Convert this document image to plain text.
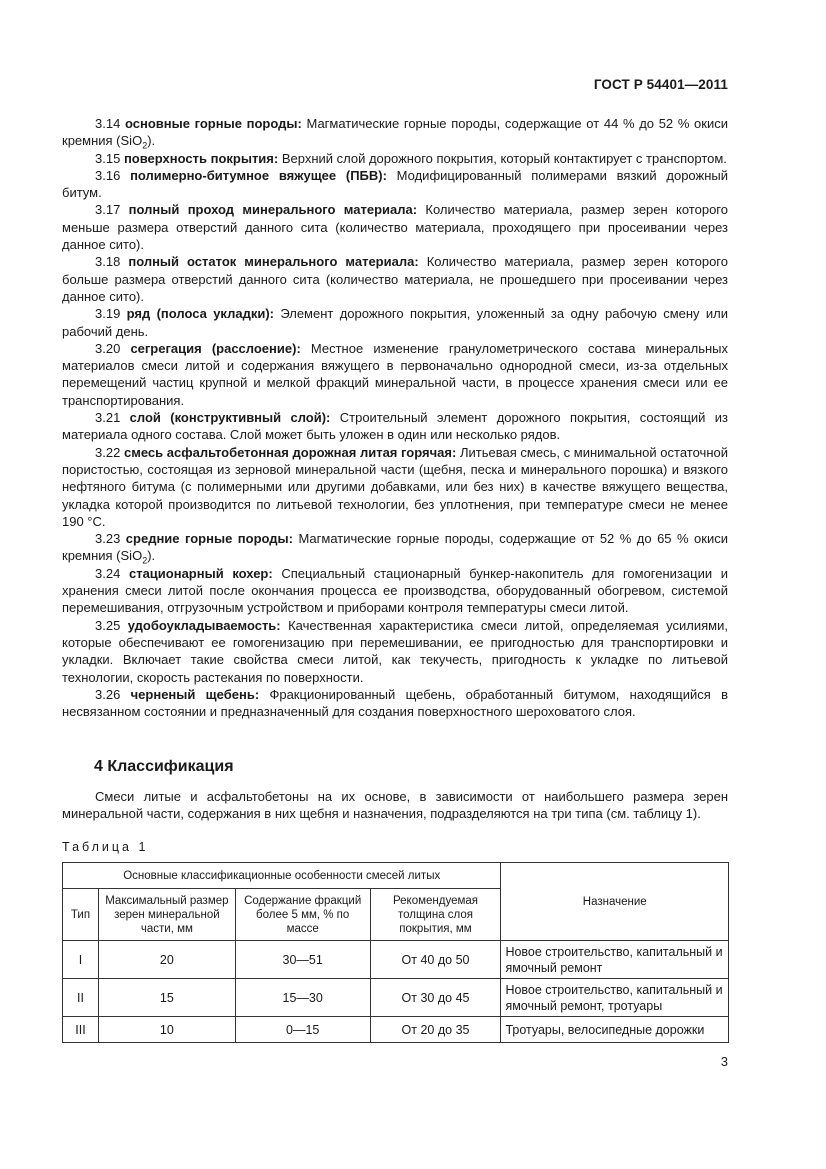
ГОСТ Р 54401—2011

3.14 основные горные породы: Магматические горные породы, содержащие от 44 % до 52 % окиси кремния (SiO$_2$).

3.15 поверхность покрытия: Верхний слой дорожного покрытия, который контактирует с транспортом.

3.16 полимерно-битумное вяжущее (ПБВ): Модифицированный полимерами вязкий дорожный битум.

3.17 полный проход минерального материала: Количество материала, размер зерен которого меньше размера отверстий данного сита (количество материала, проходящего при просеивании через данное сито).

3.18 полный остаток минерального материала: Количество материала, размер зерен которого больше размера отверстий данного сита (количество материала, не прошедшего при просеивании через данное сито).

3.19 ряд (полоса укладки): Элемент дорожного покрытия, уложенный за одну рабочую смену или рабочий день.

3.20 сегрегация (расслоение): Местное изменение гранулометрического состава минеральных материалов смеси литой и содержания вяжущего в первоначально однородной смеси, из-за отдельных перемещений частиц крупной и мелкой фракций минеральной части, в процессе хранения смеси или ее транспортирования.

3.21 слой (конструктивный слой): Строительный элемент дорожного покрытия, состоящий из материала одного состава. Слой может быть уложен в один или несколько рядов.

3.22 смесь асфальтобетонная дорожная литая горячая: Литьевая смесь, с минимальной остаточной пористостью, состоящая из зерновой минеральной части (щебня, песка и минерального порошка) и вязкого нефтяного битума (с полимерными или другими добавками, или без них) в качестве вяжущего вещества, укладка которой производится по литьевой технологии, без уплотнения, при температуре смеси не менее 190 °С.

3.23 средние горные породы: Магматические горные породы, содержащие от 52 % до 65 % окиси кремния (SiO$_2$).

3.24 стационарный кохер: Специальный стационарный бункер-накопитель для гомогенизации и хранения смеси литой после окончания процесса ее производства, оборудованный обогревом, системой перемешивания, отгрузочным устройством и приборами контроля температуры смеси литой.

3.25 удобоукладываемость: Качественная характеристика смеси литой, определяемая усилиями, которые обеспечивают ее гомогенизацию при перемешивании, ее пригодностью для транспортировки и укладки. Включает такие свойства смеси литой, как текучесть, пригодность к укладке по литьевой технологии, скорость растекания по поверхности.

3.26 черненый щебень: Фракционированный щебень, обработанный битумом, находящийся в несвязанном состоянии и предназначенный для создания поверхностного шероховатого слоя.

4 Классификация

Смеси литые и асфальтобетоны на их основе, в зависимости от наибольшего размера зерен минеральной части, содержания в них щебня и назначения, подразделяются на три типа (см. таблицу 1).

Таблица 1
Основные классификационные особенности смесей литых				Назначение
Тип	Максимальный размер зерен минеральной части, мм	Содержание фракций более 5 мм, % по массе	Рекомендуемая толщина слоя покрытия, мм	
I	20	30—51	От 40 до 50	Новое строительство, капитальный и ямочный ремонт
II	15	15—30	От 30 до 45	Новое строительство, капитальный и ямочный ремонт, тротуары
III	10	0—15	От 20 до 35	Тротуары, велосипедные дорожки
3
